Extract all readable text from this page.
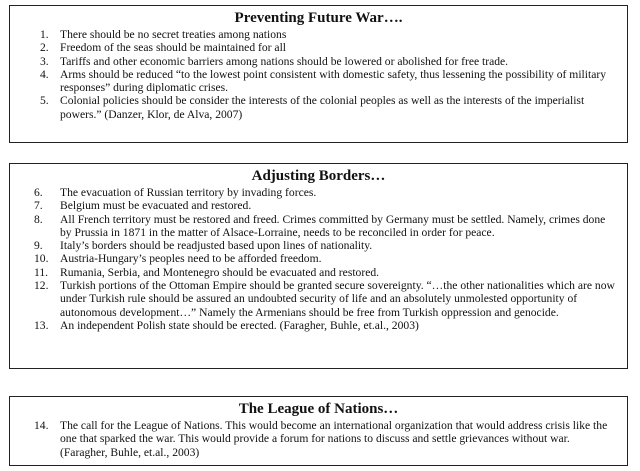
Preventing Future War….
1. There should be no secret treaties among nations
2. Freedom of the seas should be maintained for all
3. Tariffs and other economic barriers among nations should be lowered or abolished for free trade.
4. Arms should be reduced “to the lowest point consistent with domestic safety, thus lessening the possibility of military responses” during diplomatic crises.
5. Colonial policies should be consider the interests of the colonial peoples as well as the interests of the imperialist powers.” (Danzer, Klor, de Alva, 2007)
Adjusting Borders…
6. The evacuation of Russian territory by invading forces.
7. Belgium must be evacuated and restored.
8. All French territory must be restored and freed. Crimes committed by Germany must be settled. Namely, crimes done by Prussia in 1871 in the matter of Alsace-Lorraine, needs to be reconciled in order for peace.
9. Italy’s borders should be readjusted based upon lines of nationality.
10. Austria-Hungary’s peoples need to be afforded freedom.
11. Rumania, Serbia, and Montenegro should be evacuated and restored.
12. Turkish portions of the Ottoman Empire should be granted secure sovereignty. “…the other nationalities which are now under Turkish rule should be assured an undoubted security of life and an absolutely unmolested opportunity of autonomous development…” Namely the Armenians should be free from Turkish oppression and genocide.
13. An independent Polish state should be erected. (Faragher, Buhle, et.al., 2003)
The League of Nations…
14. The call for the League of Nations. This would become an international organization that would address crisis like the one that sparked the war. This would provide a forum for nations to discuss and settle grievances without war. (Faragher, Buhle, et.al., 2003)
